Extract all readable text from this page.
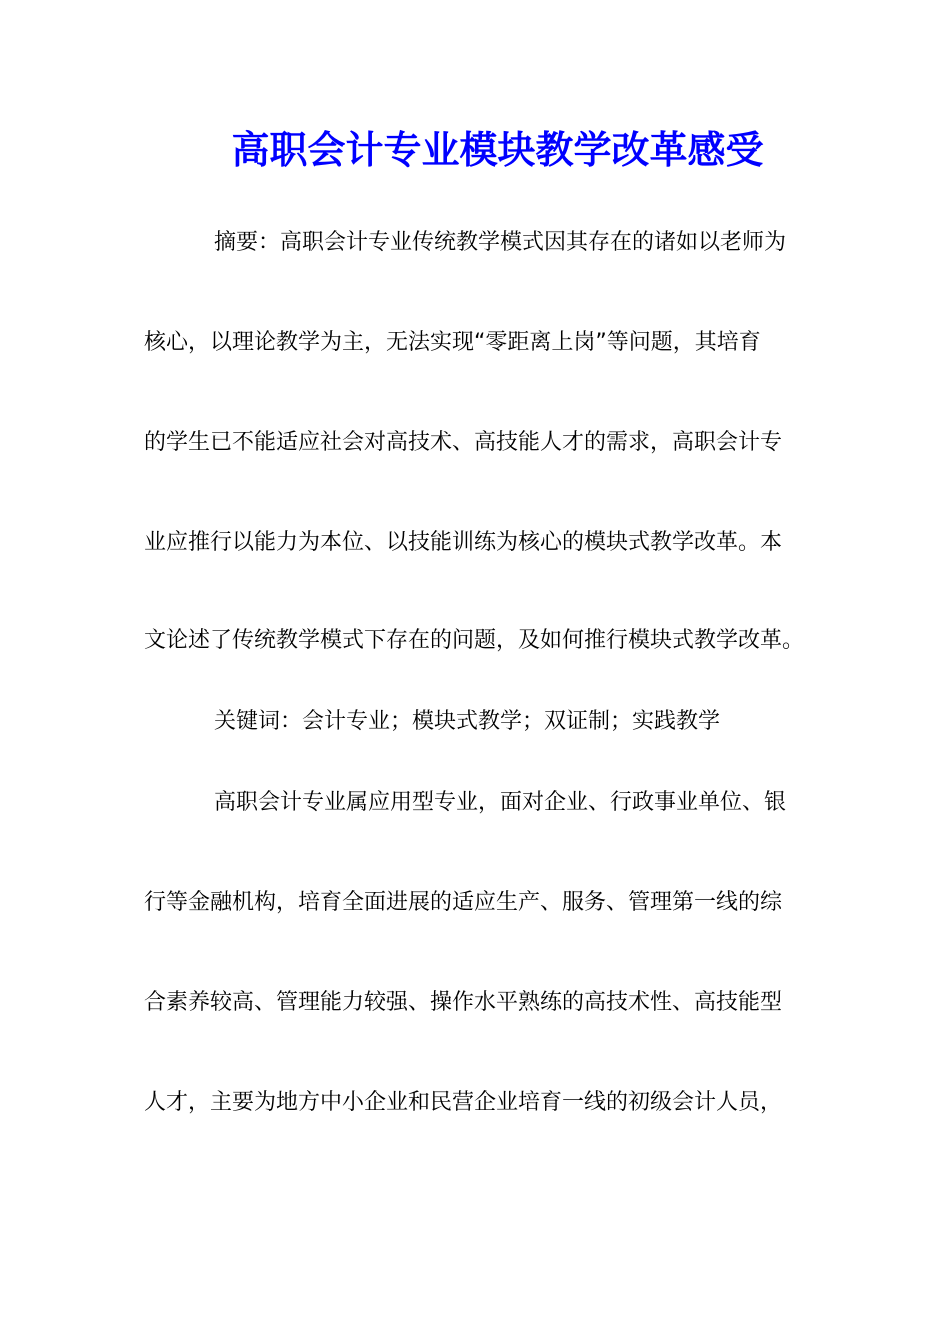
高职会计专业模块教学改革感受
摘要：高职会计专业传统教学模式因其存在的诸如以老师为
核心，以理论教学为主，无法实现“零距离上岗”等问题，其培育
的学生已不能适应社会对高技术、高技能人才的需求，高职会计专
业应推行以能力为本位、以技能训练为核心的模块式教学改革。本
文论述了传统教学模式下存在的问题，及如何推行模块式教学改革。
关键词：会计专业；模块式教学；双证制；实践教学
高职会计专业属应用型专业，面对企业、行政事业单位、银
行等金融机构，培育全面进展的适应生产、服务、管理第一线的综
合素养较高、管理能力较强、操作水平熟练的高技术性、高技能型
人才，主要为地方中小企业和民营企业培育一线的初级会计人员，
